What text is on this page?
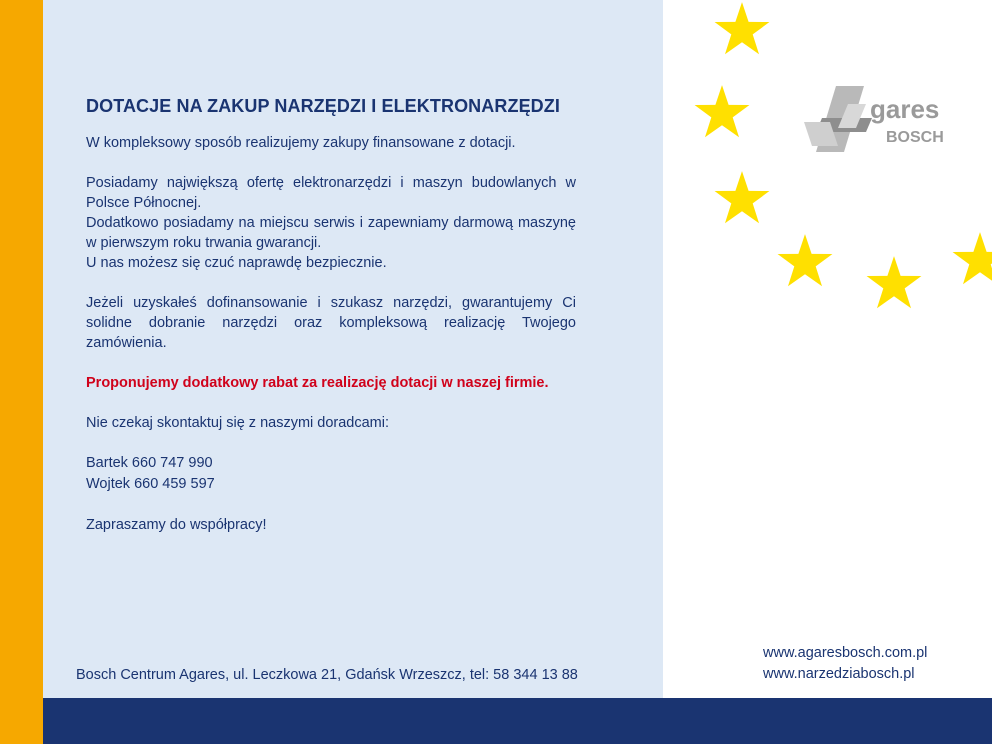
DOTACJE NA ZAKUP NARZĘDZI I ELEKTRONARZĘDZI

W kompleksowy sposób realizujemy zakupy finansowane z dotacji.

Posiadamy największą ofertę elektronarzędzi i maszyn budowlanych w Polsce Północnej.

Dodatkowo posiadamy na miejscu serwis i zapewniamy darmową maszynę w pierwszym roku trwania gwarancji.

U nas możesz się czuć naprawdę bezpiecznie.

Jeżeli uzyskałeś dofinansowanie i szukasz narzędzi, gwarantujemy Ci solidne dobranie narzędzi oraz kompleksową realizację Twojego zamówienia.

Proponujemy dodatkowy rabat za realizację dotacji w naszej firmie.

Nie czekaj skontaktuj się z naszymi doradcami:

Bartek 660 747 990
Wojtek 660 459 597

Zapraszamy do współpracy!

Bosch Centrum Agares, ul. Leczkowa 21, Gdańsk Wrzeszcz, tel: 58 344 13 88
www.agaresbosch.com.pl
www.narzedziabosch.pl
gares
BOSCH
